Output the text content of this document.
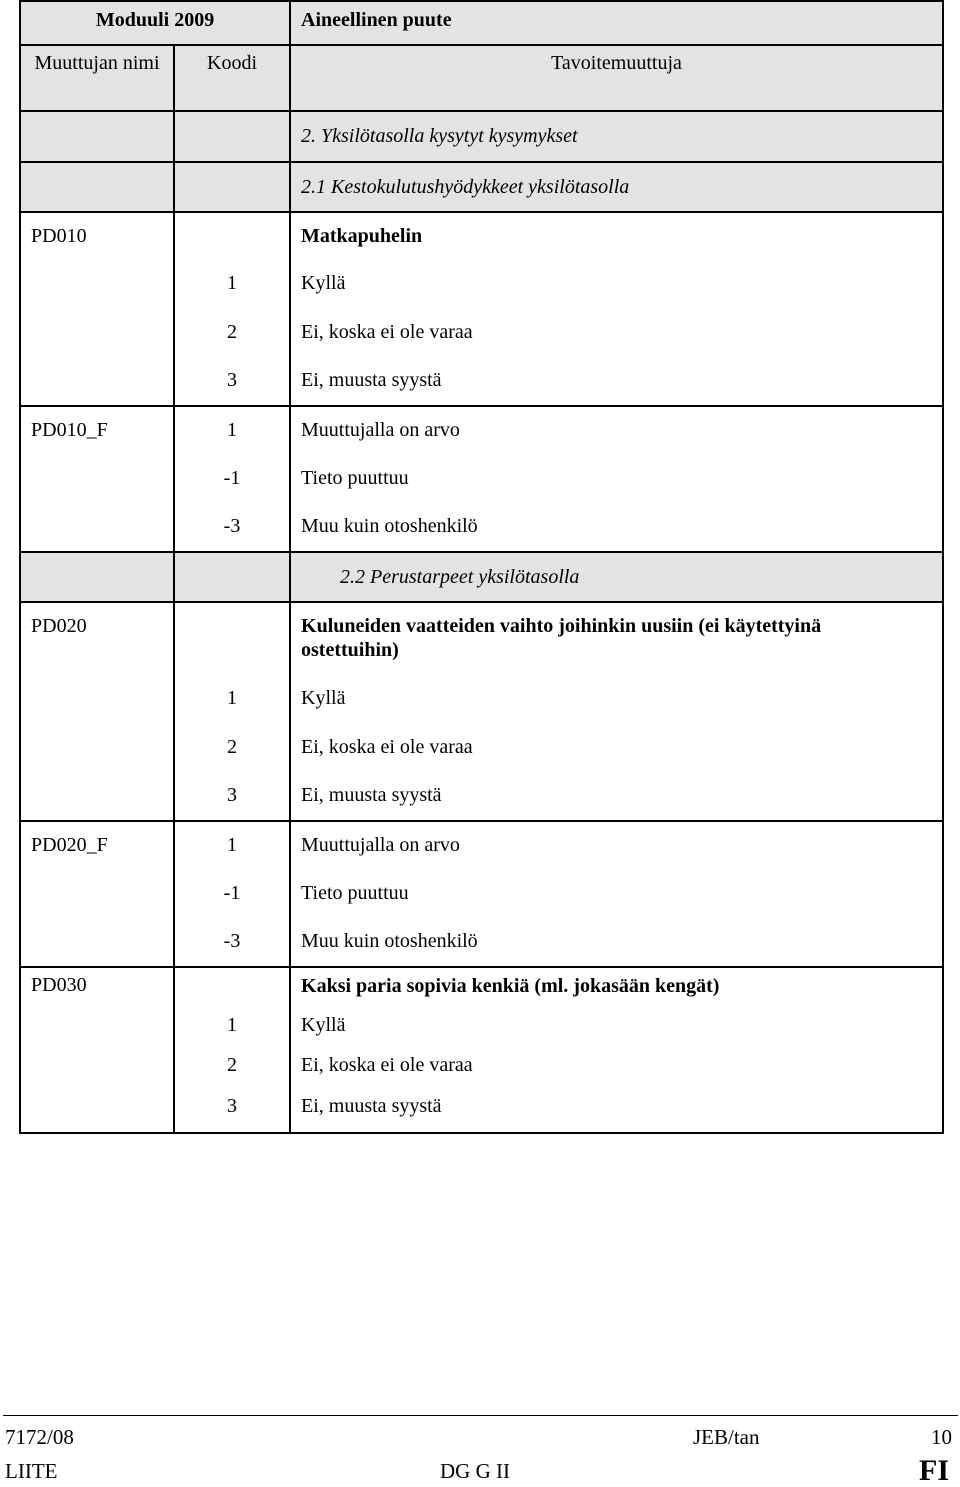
Moduuli 2009		Aineellinen puute
Muuttujan nimi	Koodi	Tavoitemuuttuja
		2. Yksilötasolla kysytyt kysymykset
		2.1 Kestokulutushyödykkeet yksilötasolla
PD010		Matkapuhelin
	1	Kyllä
	2	Ei, koska ei ole varaa
	3	Ei, muusta syystä
PD010_F	1	Muuttujalla on arvo
	-1	Tieto puuttuu
	-3	Muu kuin otoshenkilö
		2.2 Perustarpeet yksilötasolla
PD020		Kuluneiden vaatteiden vaihto joihinkin uusiin (ei käytettyinä ostettuihin)
	1	Kyllä
	2	Ei, koska ei ole varaa
	3	Ei, muusta syystä
PD020_F	1	Muuttujalla on arvo
	-1	Tieto puuttuu
	-3	Muu kuin otoshenkilö
PD030		Kaksi paria sopivia kenkiä (ml. jokasään kengät)
	1	Kyllä
	2	Ei, koska ei ole varaa
	3	Ei, muusta syystä
7172/08	JEB/tan	10
LIITE	DG G II	FI
